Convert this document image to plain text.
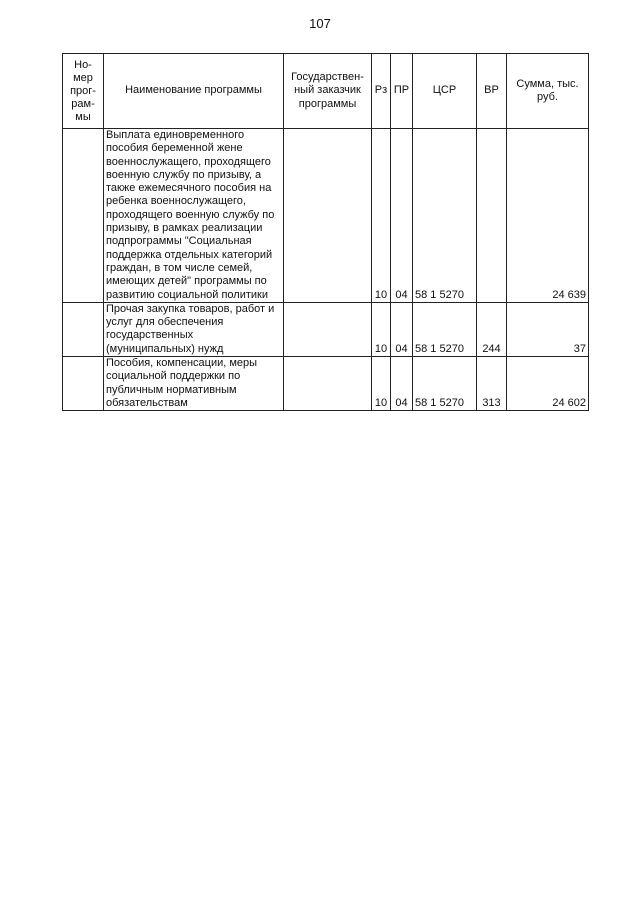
107
Но-мер прог-рам-мы	Наименование программы	Государствен-ный заказчик программы	Рз	ПР	ЦСР	ВР	Сумма, тыс. руб.
	Выплата единовременного пособия беременной жене военнослужащего, проходящего военную службу по призыву, а также ежемесячного пособия на ребенка военнослужащего, проходящего военную службу по призыву, в рамках реализации подпрограммы "Социальная поддержка отдельных категорий граждан, в том числе семей, имеющих детей" программы по развитию социальной политики		10	04	58 1 5270		24 639
	Прочая закупка товаров, работ и услуг для обеспечения государственных (муниципальных) нужд		10	04	58 1 5270	244	37
	Пособия, компенсации, меры социальной поддержки по публичным нормативным обязательствам		10	04	58 1 5270	313	24 602
